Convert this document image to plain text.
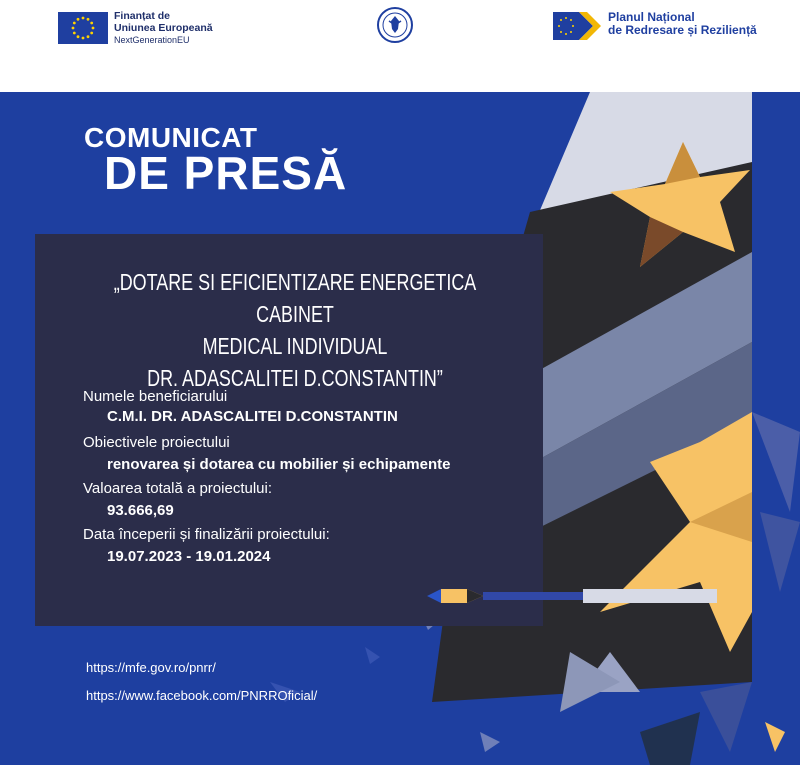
Finanțat de
Uniunea Europeană
NextGenerationEU
Planul Național
de Redresare și Reziliență
COMUNICAT
DE PRESĂ
„DOTARE SI EFICIENTIZARE ENERGETICA CABINET
MEDICAL INDIVIDUAL
DR. ADASCALITEI D.CONSTANTIN”
Numele beneficiarului
C.M.I. DR. ADASCALITEI D.CONSTANTIN
Obiectivele proiectului
renovarea și dotarea cu mobilier și echipamente
Valoarea totală a proiectului:
93.666,69
Data începerii și finalizării proiectului:
19.07.2023 - 19.01.2024
https://mfe.gov.ro/pnrr/
https://www.facebook.com/PNRROficial/
